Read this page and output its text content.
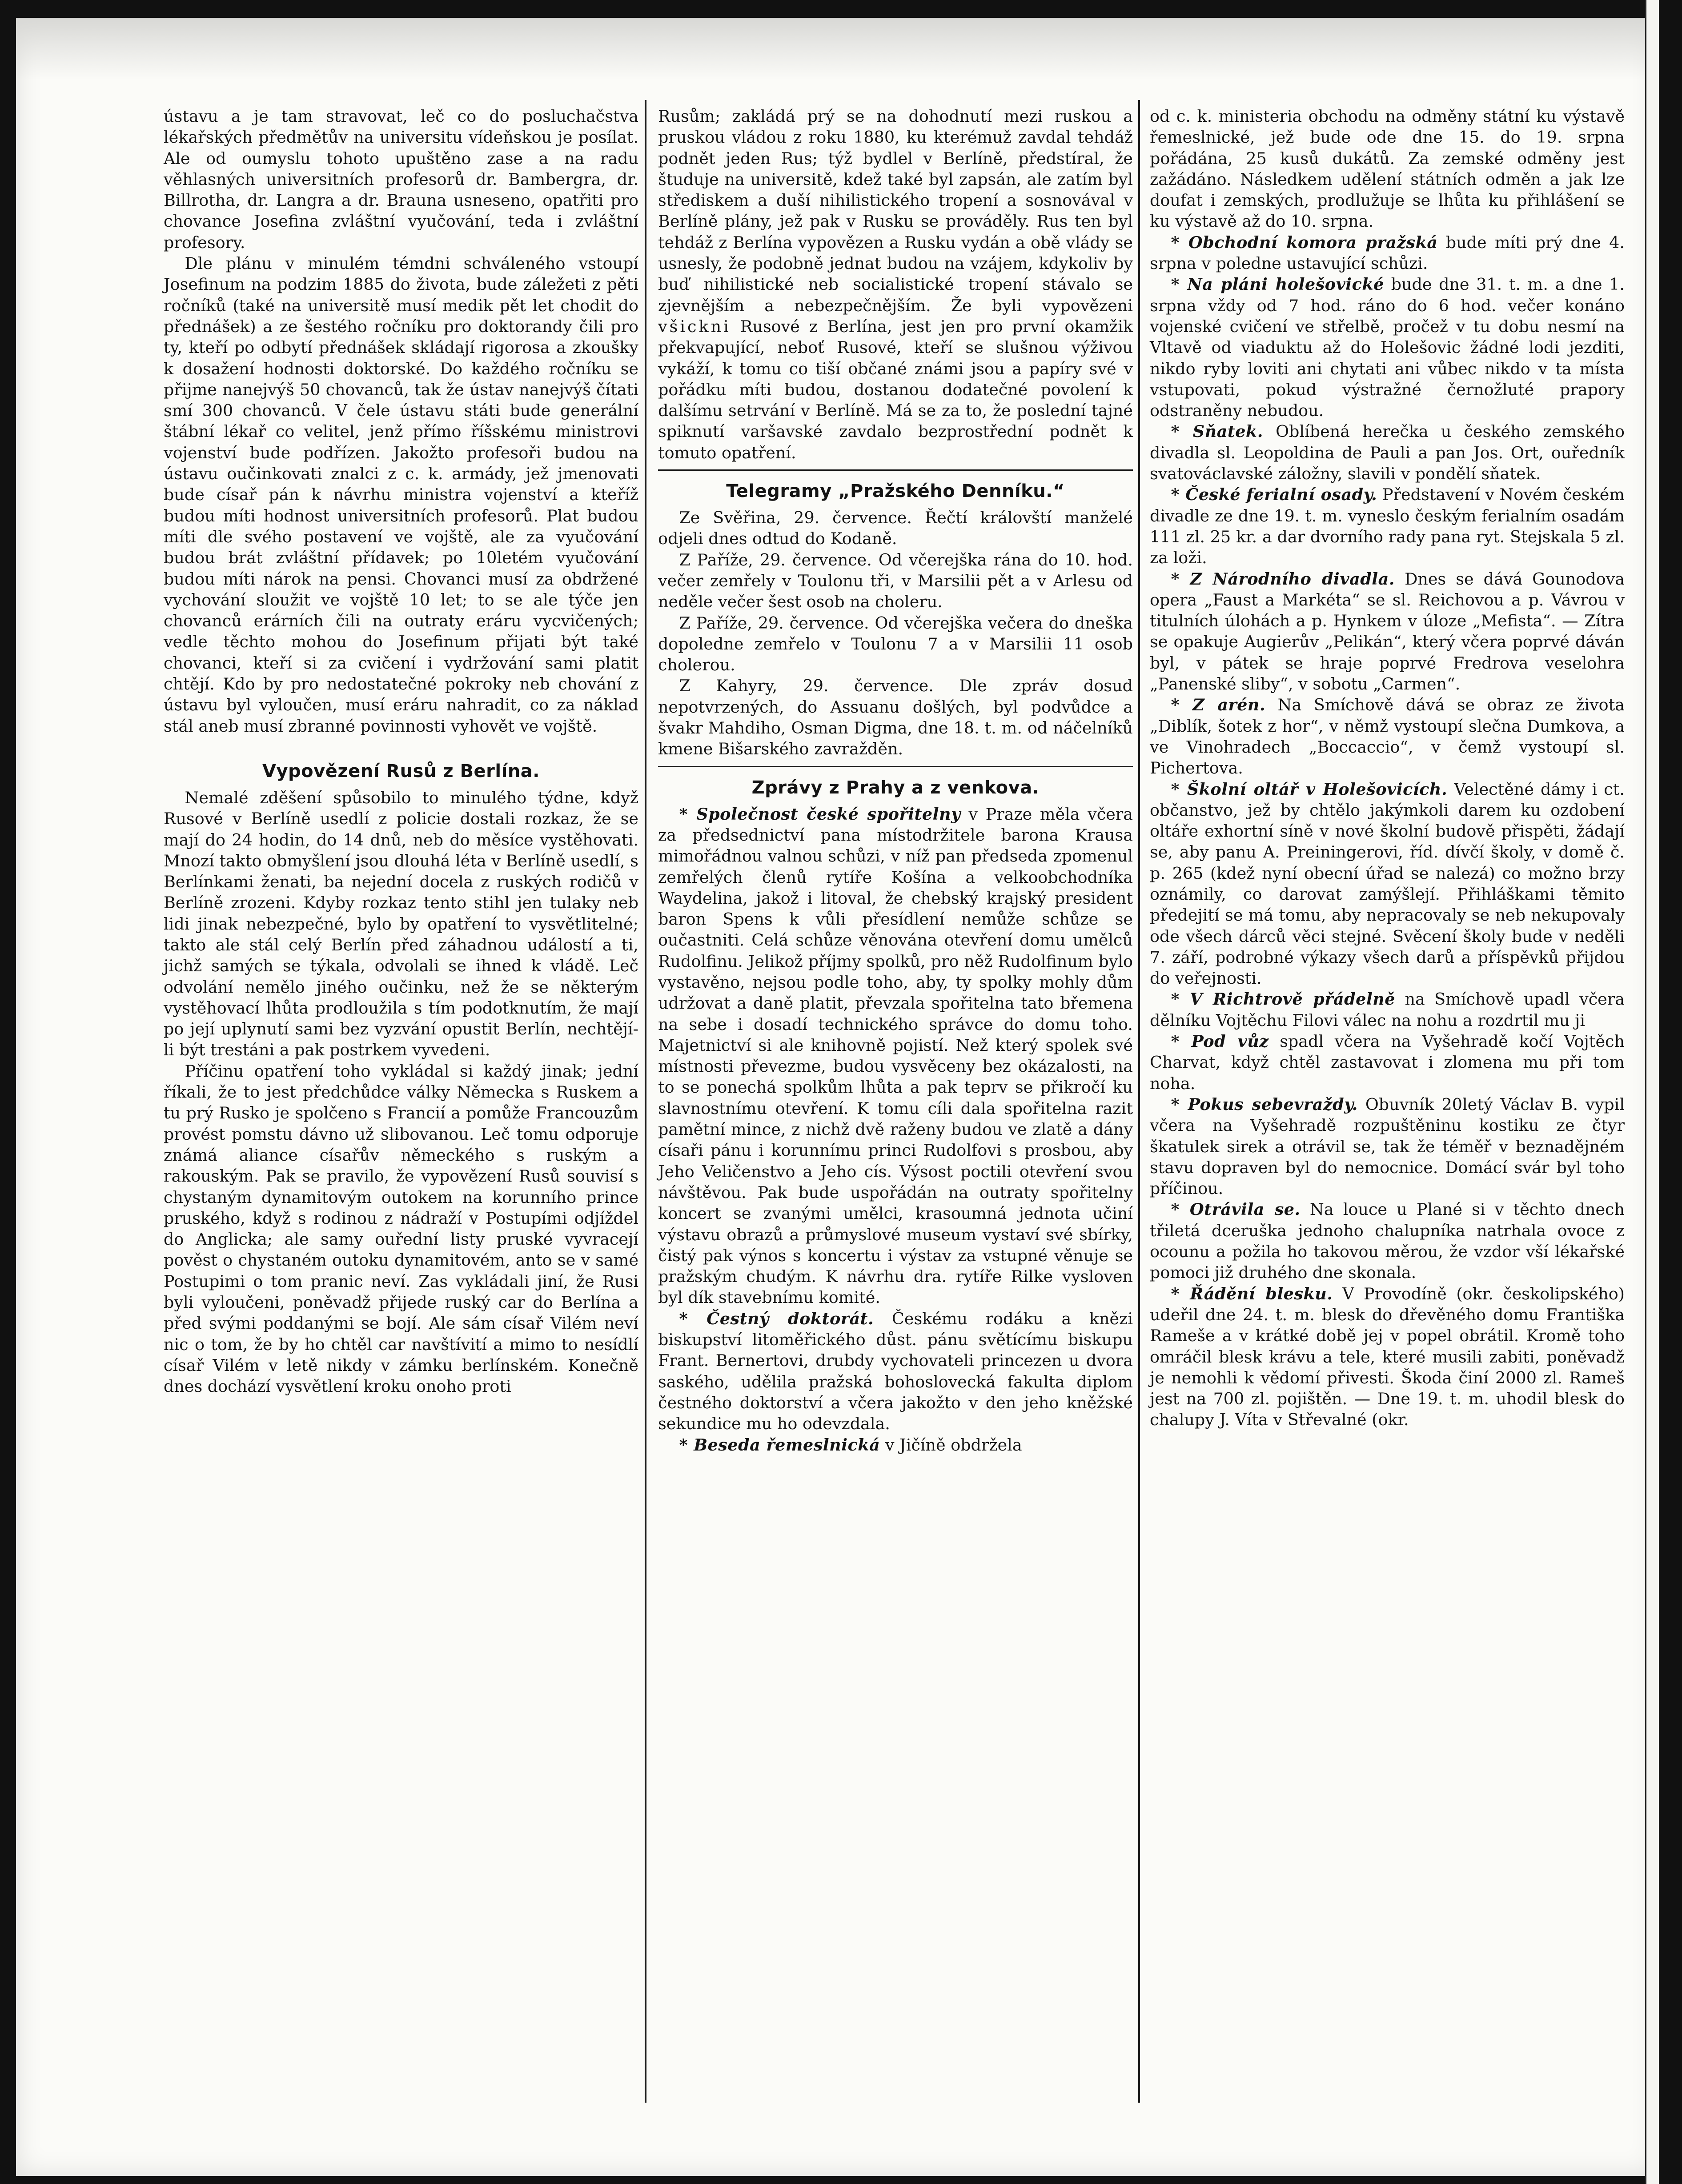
ústavu a je tam stravovat, leč co do posluchačstva lékařských předmětův na universitu vídeňskou je posílat. Ale od oumyslu tohoto upuštěno zase a na radu věhlasných universitních profesorů dr. Bambergra, dr. Billrotha, dr. Langra a dr. Brauna usneseno, opatřiti pro chovance Josefina zvláštní vyučování, teda i zvláštní profesory.

Dle plánu v minulém témdni schváleného vstoupí Josefinum na podzim 1885 do života, bude záležeti z pěti ročníků (také na universitě musí medik pět let chodit do přednášek) a ze šestého ročníku pro doktorandy čili pro ty, kteří po odbytí přednášek skládají rigorosa a zkoušky k dosažení hodnosti doktorské. Do každého ročníku se přijme nanejvýš 50 chovanců, tak že ústav nanejvýš čítati smí 300 chovanců. V čele ústavu státi bude generální štábní lékař co velitel, jenž přímo říšskému ministrovi vojenství bude podřízen. Jakožto profesoři budou na ústavu oučinkovati znalci z c. k. armády, jež jmenovati bude císař pán k návrhu ministra vojenství a kteříž budou míti hodnost universitních profesorů. Plat budou míti dle svého postavení ve vojště, ale za vyučování budou brát zvláštní přídavek; po 10letém vyučování budou míti nárok na pensi. Chovanci musí za obdržené vychování sloužit ve vojště 10 let; to se ale týče jen chovanců erárních čili na outraty eráru vycvičených; vedle těchto mohou do Josefinum přijati být také chovanci, kteří si za cvičení i vydržování sami platit chtějí. Kdo by pro nedostatečné pokroky neb chování z ústavu byl vyloučen, musí eráru nahradit, co za náklad stál aneb musí zbranné povinnosti vyhovět ve vojště.

Vypovězení Rusů z Berlína.

Nemalé zděšení spůsobilo to minulého týdne, když Rusové v Berlíně usedlí z policie dostali rozkaz, že se mají do 24 hodin, do 14 dnů, neb do měsíce vystěhovati. Mnozí takto obmyšlení jsou dlouhá léta v Berlíně usedlí, s Berlínkami ženati, ba nejední docela z ruských rodičů v Berlíně zrozeni. Kdyby rozkaz tento stihl jen tulaky neb lidi jinak nebezpečné, bylo by opatření to vysvětlitelné; takto ale stál celý Berlín před záhadnou událostí a ti, jichž samých se týkala, odvolali se ihned k vládě. Leč odvolání nemělo jiného oučinku, než že se některým vystěhovací lhůta prodloužila s tím podotknutím, že mají po její uplynutí sami bez vyzvání opustit Berlín, nechtějí-li být trestáni a pak postrkem vyvedeni.

Příčinu opatření toho vykládal si každý jinak; jední říkali, že to jest předchůdce války Německa s Ruskem a tu prý Rusko je spolčeno s Francií a pomůže Francouzům provést pomstu dávno už slibovanou. Leč tomu odporuje známá aliance císařův německého s ruským a rakouským. Pak se pravilo, že vypovězení Rusů souvisí s chystaným dynamitovým outokem na korunního prince pruského, když s rodinou z nádraží v Postupími odjíždel do Anglicka; ale samy ouřední listy pruské vyvracejí pověst o chystaném outoku dynamitovém, anto se v samé Postupimi o tom pranic neví. Zas vykládali jiní, že Rusi byli vyloučeni, poněvadž přijede ruský car do Berlína a před svými poddanými se bojí. Ale sám císař Vilém neví nic o tom, že by ho chtěl car navštívití a mimo to nesídlí císař Vilém v letě nikdy v zámku berlínském. Konečně dnes dochází vysvětlení kroku onoho proti

Rusům; zakládá prý se na dohodnutí mezi ruskou a pruskou vládou z roku 1880, ku kterémuž zavdal tehdáž podnět jeden Rus; týž bydlel v Berlíně, předstíral, že študuje na universitě, kdež také byl zapsán, ale zatím byl střediskem a duší nihilistického tropení a sosnovával v Berlíně plány, jež pak v Rusku se prováděly. Rus ten byl tehdáž z Berlína vypovězen a Rusku vydán a obě vlády se usnesly, že podobně jednat budou na vzájem, kdykoliv by buď nihilistické neb socialistické tropení stávalo se zjevnějším a nebezpečnějším. Že byli vypovězeni všickni Rusové z Berlína, jest jen pro první okamžik překvapující, neboť Rusové, kteří se slušnou výživou vykáží, k tomu co tiší občané známi jsou a papíry své v pořádku míti budou, dostanou dodatečné povolení k dalšímu setrvání v Berlíně. Má se za to, že poslední tajné spiknutí varšavské zavdalo bezprostřední podnět k tomuto opatření.

Telegramy „Pražského Denníku.“

Ze Svěřina, 29. července. Řečtí královští manželé odjeli dnes odtud do Kodaně.

Z Paříže, 29. července. Od včerejška rána do 10. hod. večer zemřely v Toulonu tři, v Marsilii pět a v Arlesu od neděle večer šest osob na choleru.

Z Paříže, 29. července. Od včerejška večera do dneška dopoledne zemřelo v Toulonu 7 a v Marsilii 11 osob cholerou.

Z Kahyry, 29. července. Dle zpráv dosud nepotvrzených, do Assuanu došlých, byl podvůdce a švakr Mahdiho, Osman Digma, dne 18. t. m. od náčelníků kmene Bišarského zavražděn.

Zprávy z Prahy a z venkova.

* Společnost české spořitelny v Praze měla včera za předsednictví pana místodržitele barona Krausa mimořádnou valnou schůzi, v níž pan předseda zpomenul zemřelých členů rytíře Košína a velkoobchodníka Waydelina, jakož i litoval, že chebský krajský president baron Spens k vůli přesídlení nemůže schůze se oučastniti. Celá schůze věnována otevření domu umělců Rudolfinu. Jelikož příjmy spolků, pro něž Rudolfinum bylo vystavěno, nejsou podle toho, aby, ty spolky mohly dům udržovat a daně platit, převzala spořitelna tato břemena na sebe i dosadí technického správce do domu toho. Majetnictví si ale knihovně pojistí. Než který spolek své místnosti převezme, budou vysvěceny bez okázalosti, na to se ponechá spolkům lhůta a pak teprv se přikročí ku slavnostnímu otevření. K tomu cíli dala spořitelna razit pamětní mince, z nichž dvě raženy budou ve zlatě a dány císaři pánu i korunnímu princi Rudolfovi s prosbou, aby Jeho Veličenstvo a Jeho cís. Výsost poctili otevření svou návštěvou. Pak bude uspořádán na outraty spořitelny koncert se zvanými umělci, krasoumná jednota učiní výstavu obrazů a průmyslové museum vystaví své sbírky, čistý pak výnos s koncertu i výstav za vstupné věnuje se pražským chudým. K návrhu dra. rytíře Rilke vysloven byl dík stavebnímu komité.

* Čestný doktorát. Českému rodáku a knězi biskupství litoměřického důst. pánu světícímu biskupu Frant. Bernertovi, drubdy vychovateli princezen u dvora saského, udělila pražská bohoslovecká fakulta diplom čestného doktorství a včera jakožto v den jeho kněžské sekundice mu ho odevzdala.

* Beseda řemeslnická v Jičíně obdržela

od c. k. ministeria obchodu na odměny státní ku výstavě řemeslnické, jež bude ode dne 15. do 19. srpna pořádána, 25 kusů dukátů. Za zemské odměny jest zažádáno. Následkem udělení státních odměn a jak lze doufat i zemských, prodlužuje se lhůta ku přihlášení se ku výstavě až do 10. srpna.

* Obchodní komora pražská bude míti prý dne 4. srpna v poledne ustavující schůzi.

* Na pláni holešovické bude dne 31. t. m. a dne 1. srpna vždy od 7 hod. ráno do 6 hod. večer konáno vojenské cvičení ve střelbě, pročež v tu dobu nesmí na Vltavě od viaduktu až do Holešovic žádné lodi jezditi, nikdo ryby loviti ani chytati ani vůbec nikdo v ta místa vstupovati, pokud výstražné černožluté prapory odstraněny nebudou.

* Sňatek. Oblíbená herečka u českého zemského divadla sl. Leopoldina de Pauli a pan Jos. Ort, ouředník svatováclavské záložny, slavili v pondělí sňatek.

* České ferialní osady. Představení v Novém českém divadle ze dne 19. t. m. vyneslo českým ferialním osadám 111 zl. 25 kr. a dar dvorního rady pana ryt. Stejskala 5 zl. za loži.

* Z Národního divadla. Dnes se dává Gounodova opera „Faust a Markéta“ se sl. Reichovou a p. Vávrou v titulních úlohách a p. Hynkem v úloze „Mefista“. — Zítra se opakuje Augierův „Pelikán“, který včera poprvé dáván byl, v pátek se hraje poprvé Fredrova veselohra „Panenské sliby“, v sobotu „Carmen“.

* Z arén. Na Smíchově dává se obraz ze života „Diblík, šotek z hor“, v němž vystoupí slečna Dumkova, a ve Vinohradech „Boccaccio“, v čemž vystoupí sl. Pichertova.

* Školní oltář v Holešovicích. Velectěné dámy i ct. občanstvo, jež by chtělo jakýmkoli darem ku ozdobení oltáře exhortní síně v nové školní budově přispěti, žádají se, aby panu A. Preiningerovi, říd. dívčí školy, v domě č. p. 265 (kdež nyní obecní úřad se nalezá) co možno brzy oznámily, co darovat zamýšlejí. Přihláškami těmito předejití se má tomu, aby nepracovaly se neb nekupovaly ode všech dárců věci stejné. Svěcení školy bude v neděli 7. září, podrobné výkazy všech darů a příspěvků přijdou do veřejnosti.

* V Richtrově přádelně na Smíchově upadl včera dělníku Vojtěchu Filovi válec na nohu a rozdrtil mu ji

* Pod vůz spadl včera na Vyšehradě kočí Vojtěch Charvat, když chtěl zastavovat i zlomena mu při tom noha.

* Pokus sebevraždy. Obuvník 20letý Václav B. vypil včera na Vyšehradě rozpuštěninu kostiku ze čtyr škatulek sirek a otrávil se, tak že téměř v beznadějném stavu dopraven byl do nemocnice. Domácí svár byl toho příčinou.

* Otrávila se. Na louce u Plané si v těchto dnech třiletá dceruška jednoho chalupníka natrhala ovoce z ocounu a požila ho takovou měrou, že vzdor vší lékařské pomoci již druhého dne skonala.

* Řádění blesku. V Provodíně (okr. českolipského) udeřil dne 24. t. m. blesk do dřevěného domu Františka Rameše a v krátké době jej v popel obrátil. Kromě toho omráčil blesk krávu a tele, které musili zabiti, poněvadž je nemohli k vědomí přivesti. Škoda činí 2000 zl. Rameš jest na 700 zl. pojištěn. — Dne 19. t. m. uhodil blesk do chalupy J. Víta v Střevalné (okr.
